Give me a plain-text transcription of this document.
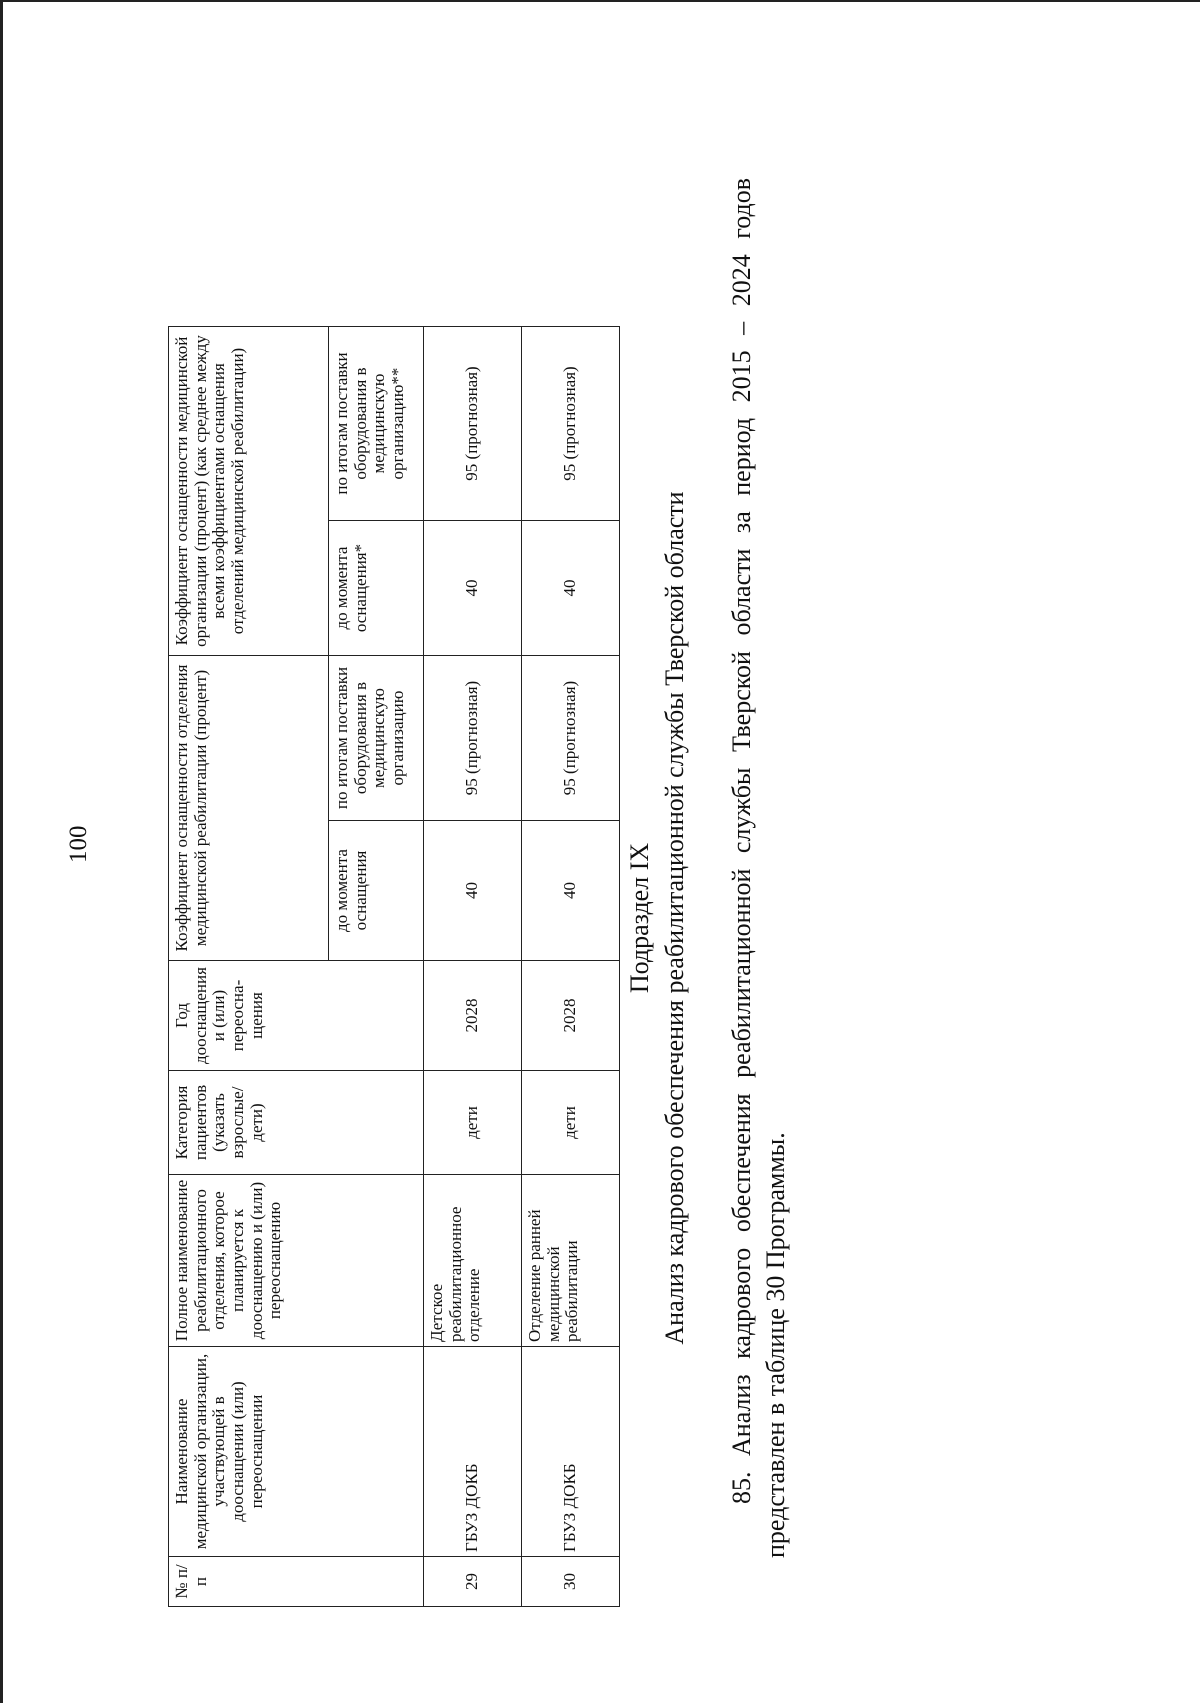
100
№ п/п	Наименование медицинской организации, участвующей в дооснащении (или) переоснащении	Полное наименование реабилитационного отделения, которое планируется к дооснащению и (или) переоснащению	Категория пациентов (указать взрослые/ дети)	Год дооснащения и (или) переосна-щения	Коэффициент оснащенности отделения медицинской реабилитации (процент)		Коэффициент оснащенности медицинской организации (процент) (как среднее между всеми коэффициентами оснащения отделений медицинской реабилитации)	
					до момента оснащения	по итогам поставки оборудования в медицинскую организацию	до момента оснащения*	по итогам поставки оборудования в медицинскую организацию**
29	ГБУЗ ДОКБ	Детское реабилитационное отделение	дети	2028	40	95 (прогнозная)	40	95 (прогнозная)
30	ГБУЗ ДОКБ	Отделение ранней медицинской реабилитации	дети	2028	40	95 (прогнозная)	40	95 (прогнозная)
Подраздел IX Анализ кадрового обеспечения реабилитационной службы Тверской области 85. Анализ кадрового обеспечения реабилитационной службы Тверской области за период 2015 – 2024 годов представлен в таблице 30 Программы.
